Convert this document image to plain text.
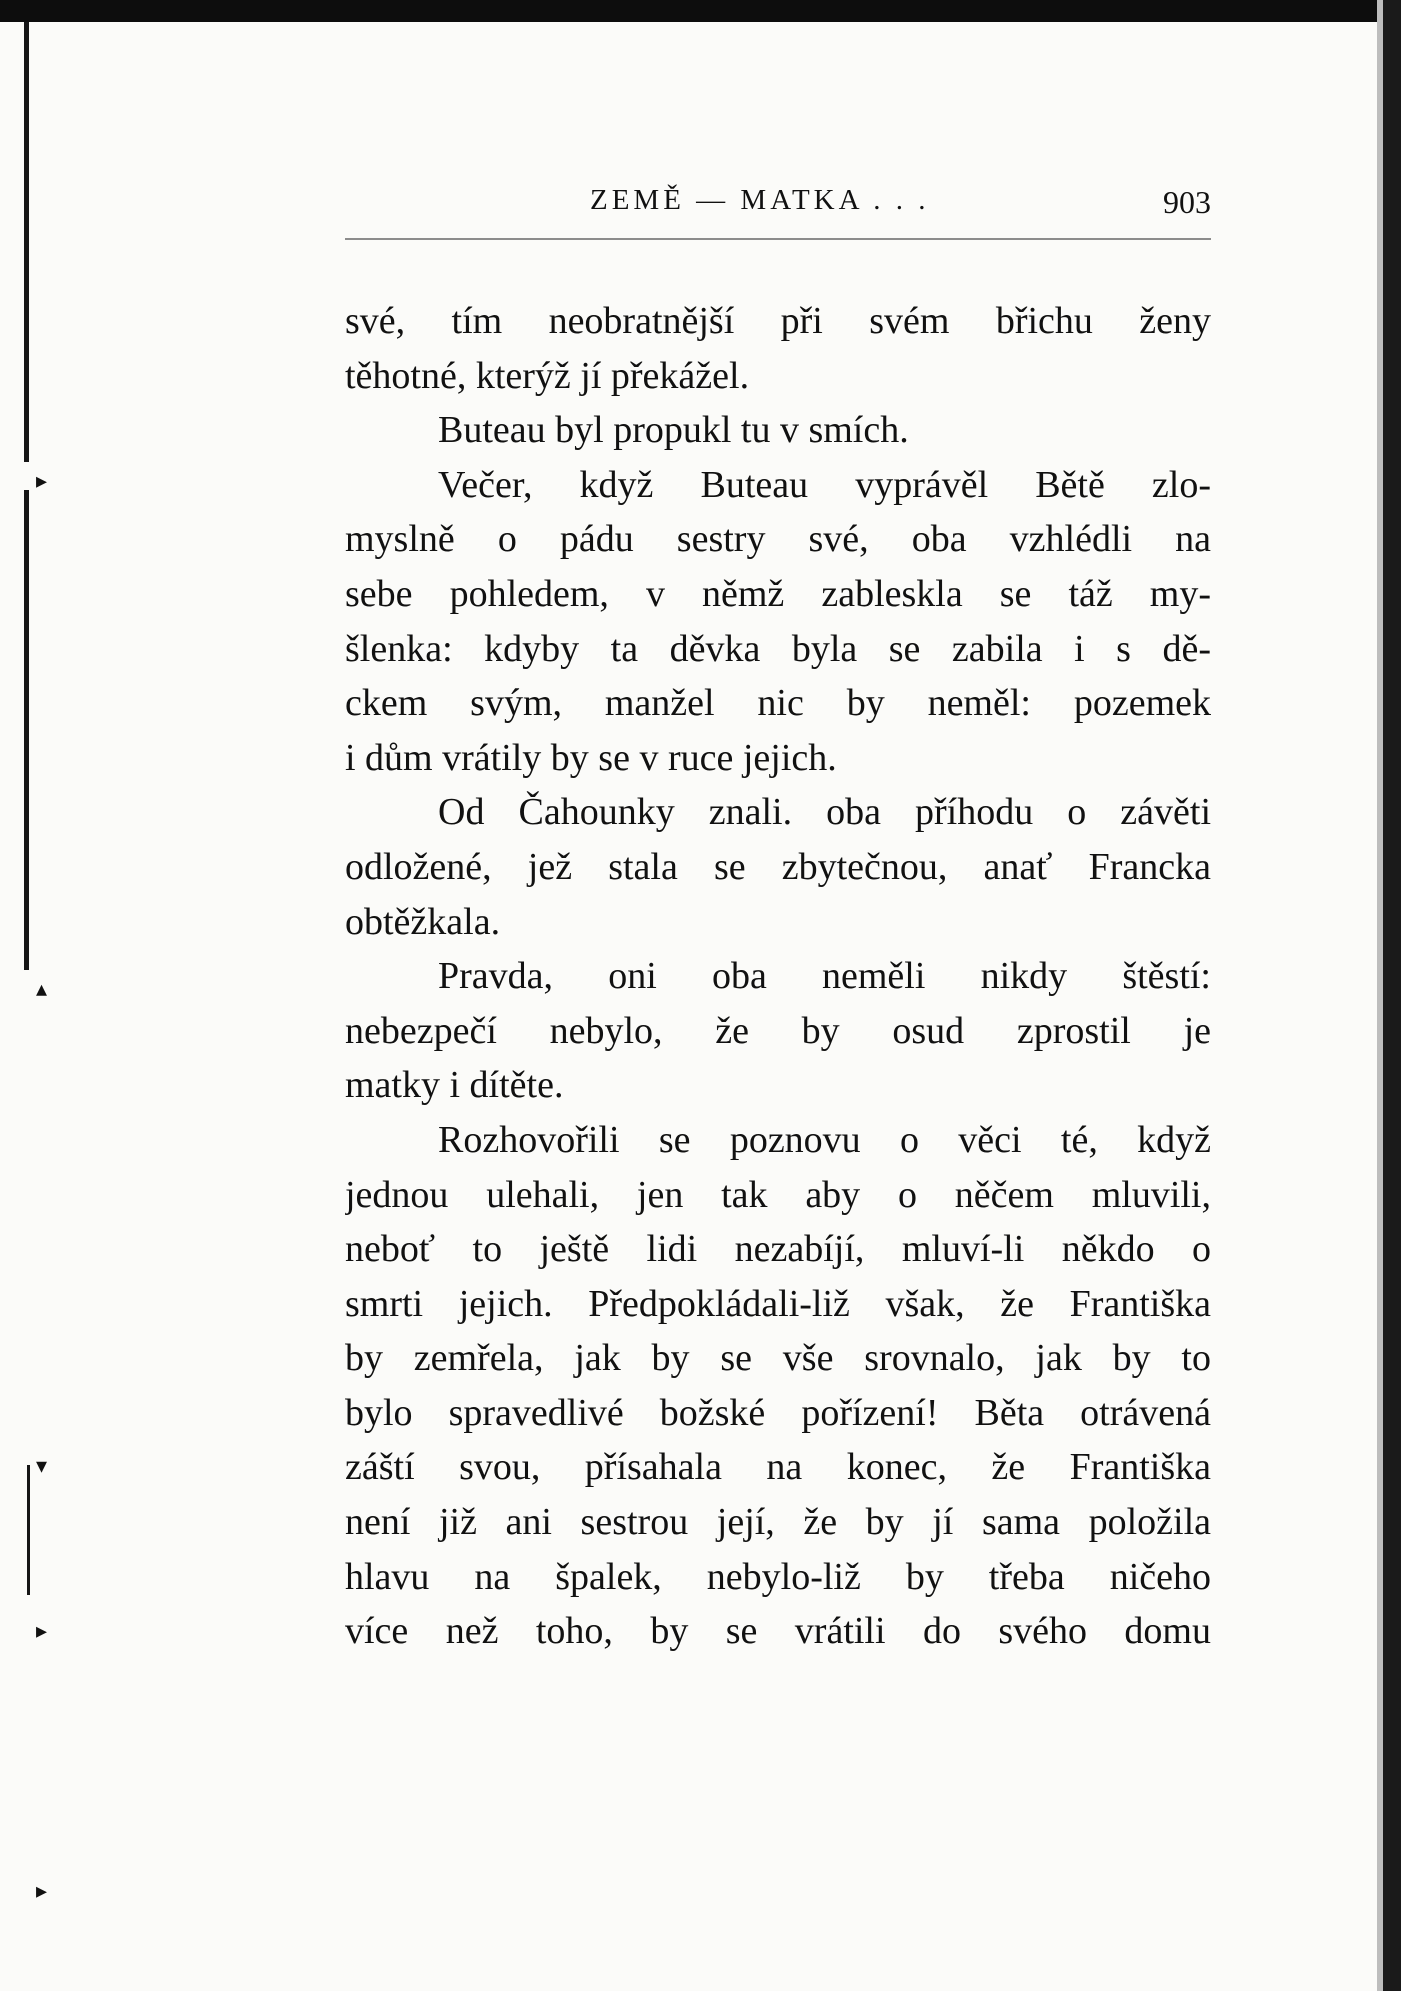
▸
▴
▾
▸
▸
ZEMĚ — MATKA . . .	903
své, tím neobratnější při svém břichu ženy
těhotné, kterýž jí překážel.
Buteau byl propukl tu v smích.
Večer, když Buteau vyprávěl Bětě zlo-
myslně o pádu sestry své, oba vzhlédli na
sebe pohledem, v němž zableskla se táž my-
šlenka: kdyby ta děvka byla se zabila i s dě-
ckem svým, manžel nic by neměl: pozemek
i dům vrátily by se v ruce jejich.
Od Čahounky znali. oba příhodu o závěti
odložené, jež stala se zbytečnou, anať Francka
obtěžkala.
Pravda, oni oba neměli nikdy štěstí:
nebezpečí nebylo, že by osud zprostil je
matky i dítěte.
Rozhovořili se poznovu o věci té, když
jednou ulehali, jen tak aby o něčem mluvili,
neboť to ještě lidi nezabíjí, mluví-li někdo o
smrti jejich. Předpokládali-liž však, že Františka
by zemřela, jak by se vše srovnalo, jak by to
bylo spravedlivé božské pořízení! Běta otrávená
záští svou, přísahala na konec, že Františka
není již ani sestrou její, že by jí sama položila
hlavu na špalek, nebylo-liž by třeba ničeho
více než toho, by se vrátili do svého domu
